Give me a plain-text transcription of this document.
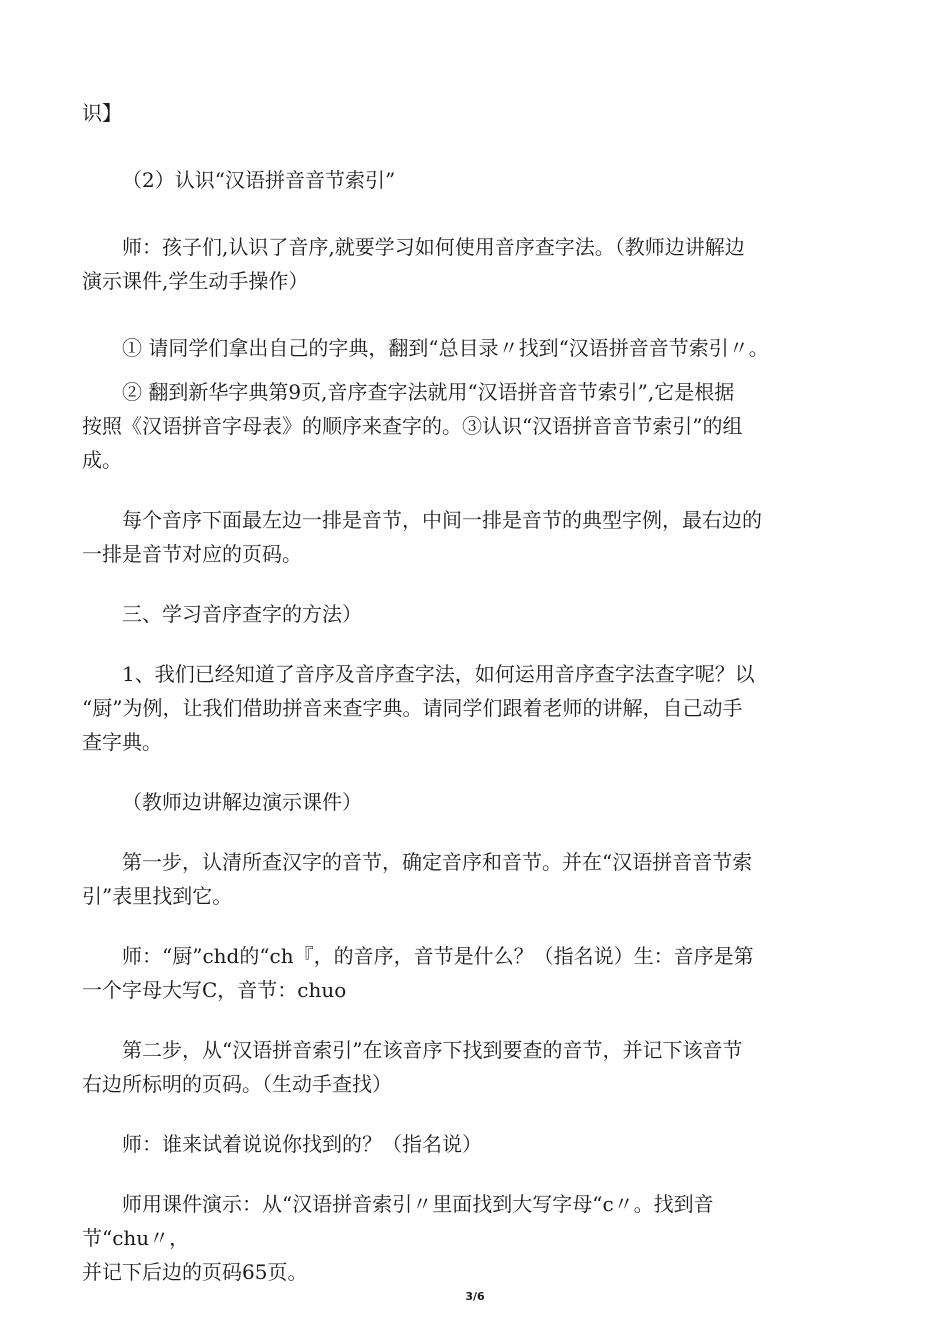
识】

（2）认识“汉语拼音音节索引”

师：孩子们,认识了音序,就要学习如何使用音序查字法。（教师边讲解边
演示课件,学生动手操作）

① 请同学们拿出自己的字典，翻到“总目录〃找到“汉语拼音音节索引〃。

② 翻到新华字典第9页,音序查字法就用“汉语拼音音节索引”,它是根据
按照《汉语拼音字母表》的顺序来查字的。③认识“汉语拼音音节索引”的组
成。

每个音序下面最左边一排是音节，中间一排是音节的典型字例，最右边的
一排是音节对应的页码。

三、学习音序查字的方法）

1、我们已经知道了音序及音序查字法，如何运用音序查字法查字呢？以
“厨”为例，让我们借助拼音来查字典。请同学们跟着老师的讲解，自己动手
查字典。

（教师边讲解边演示课件）

第一步，认清所查汉字的音节，确定音序和音节。并在“汉语拼音音节索
引”表里找到它。

师：“厨”chd的“ch『，的音序，音节是什么？（指名说）生：音序是第
一个字母大写C，音节：chuo

第二步，从“汉语拼音索引”在该音序下找到要查的音节，并记下该音节
右边所标明的页码。（生动手查找）

师：谁来试着说说你找到的？（指名说）

师用课件演示：从“汉语拼音索引〃里面找到大写字母“c〃。找到音
节“chu〃，
并记下后边的页码65页。

3/6
